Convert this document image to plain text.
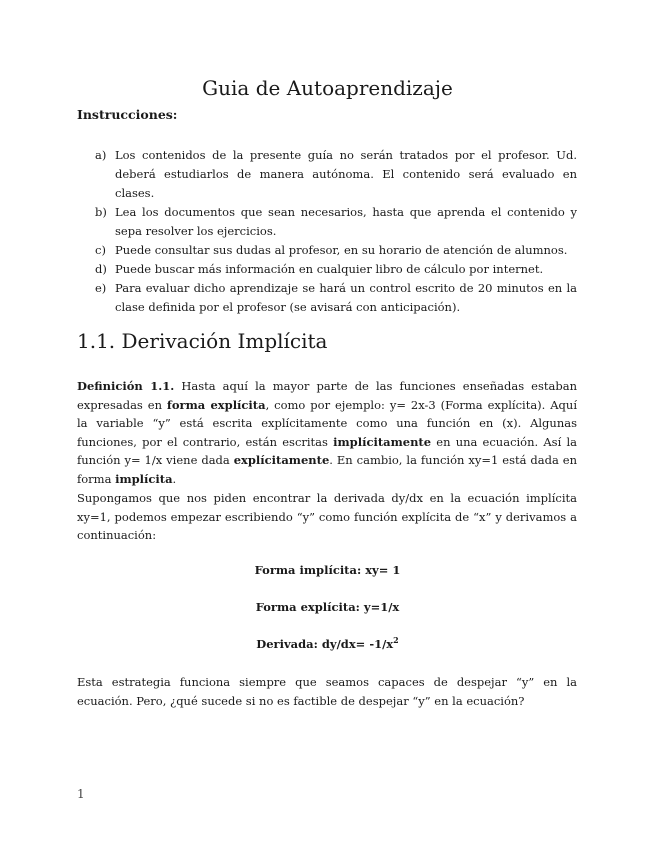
Guia de Autoaprendizaje
Instrucciones:
a) Los contenidos de la presente guía no serán tratados por el profesor. Ud. deberá estudiarlos de manera autónoma. El contenido será evaluado en clases.
b) Lea los documentos que sean necesarios, hasta que aprenda el contenido y sepa resolver los ejercicios.
c) Puede consultar sus dudas al profesor, en su horario de atención de alumnos.
d) Puede buscar más información en cualquier libro de cálculo por internet.
e) Para evaluar dicho aprendizaje se hará un control escrito de 20 minutos en la clase definida por el profesor (se avisará con anticipación).
1.1. Derivación Implícita

Definición 1.1. Hasta aquí la mayor parte de las funciones enseñadas estaban expresadas en forma explícita, como por ejemplo: y= 2x-3 (Forma explícita). Aquí la variable “y” está escrita explícitamente como una función en (x). Algunas funciones, por el contrario, están escritas implícitamente en una ecuación. Así la función y= 1/x viene dada explícitamente. En cambio, la función xy=1 está dada en forma implícita.

Supongamos que nos piden encontrar la derivada dy/dx en la ecuación implícita xy=1, podemos empezar escribiendo “y” como función explícita de “x” y derivamos a continuación:

Forma implícita: xy= 1

Forma explícita: y=1/x

Derivada: $dy/dx= -1/x^2$

Esta estrategia funciona siempre que seamos capaces de despejar “y” en la ecuación. Pero, ¿qué sucede si no es factible de despejar “y” en la ecuación?

1
